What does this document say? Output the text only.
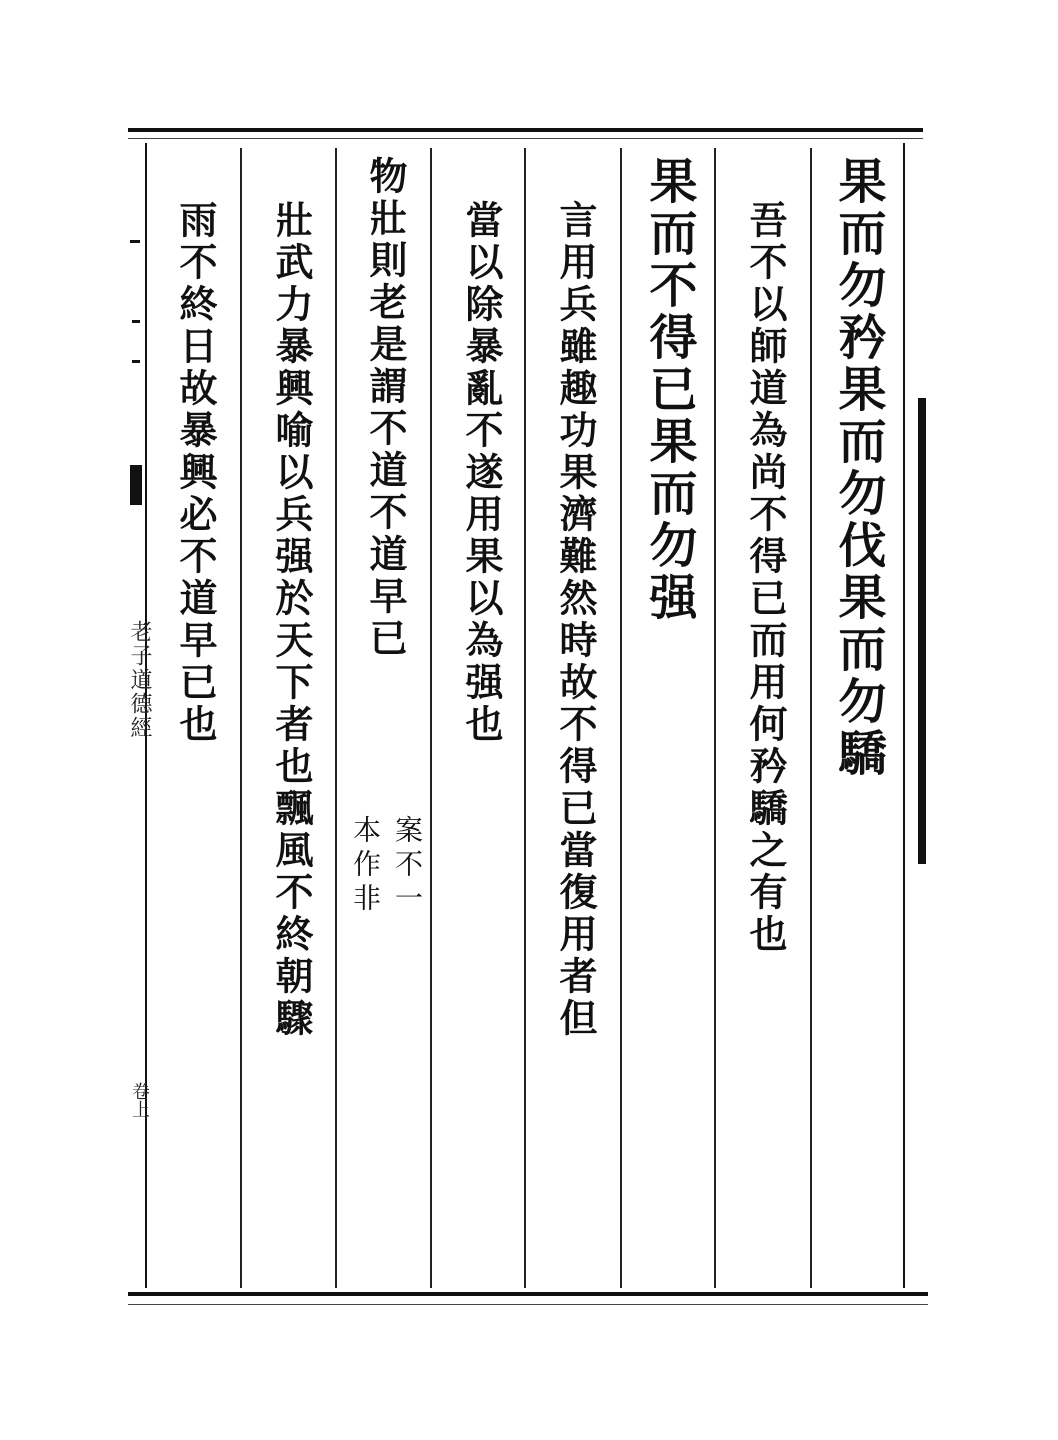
果而勿矜果而勿伐果而勿驕
吾不以師道為尚不得已而用何矜驕之有也
果而不得已果而勿强
言用兵雖趣功果濟難然時故不得已當復用者但
當以除暴亂不遂用果以為强也
物壯則老是謂不道不道早已
壯武力暴興喻以兵强於天下者也飄風不終朝驟
雨不終日故暴興必不道早已也
案不一
本作非
老子道德經
卷上
